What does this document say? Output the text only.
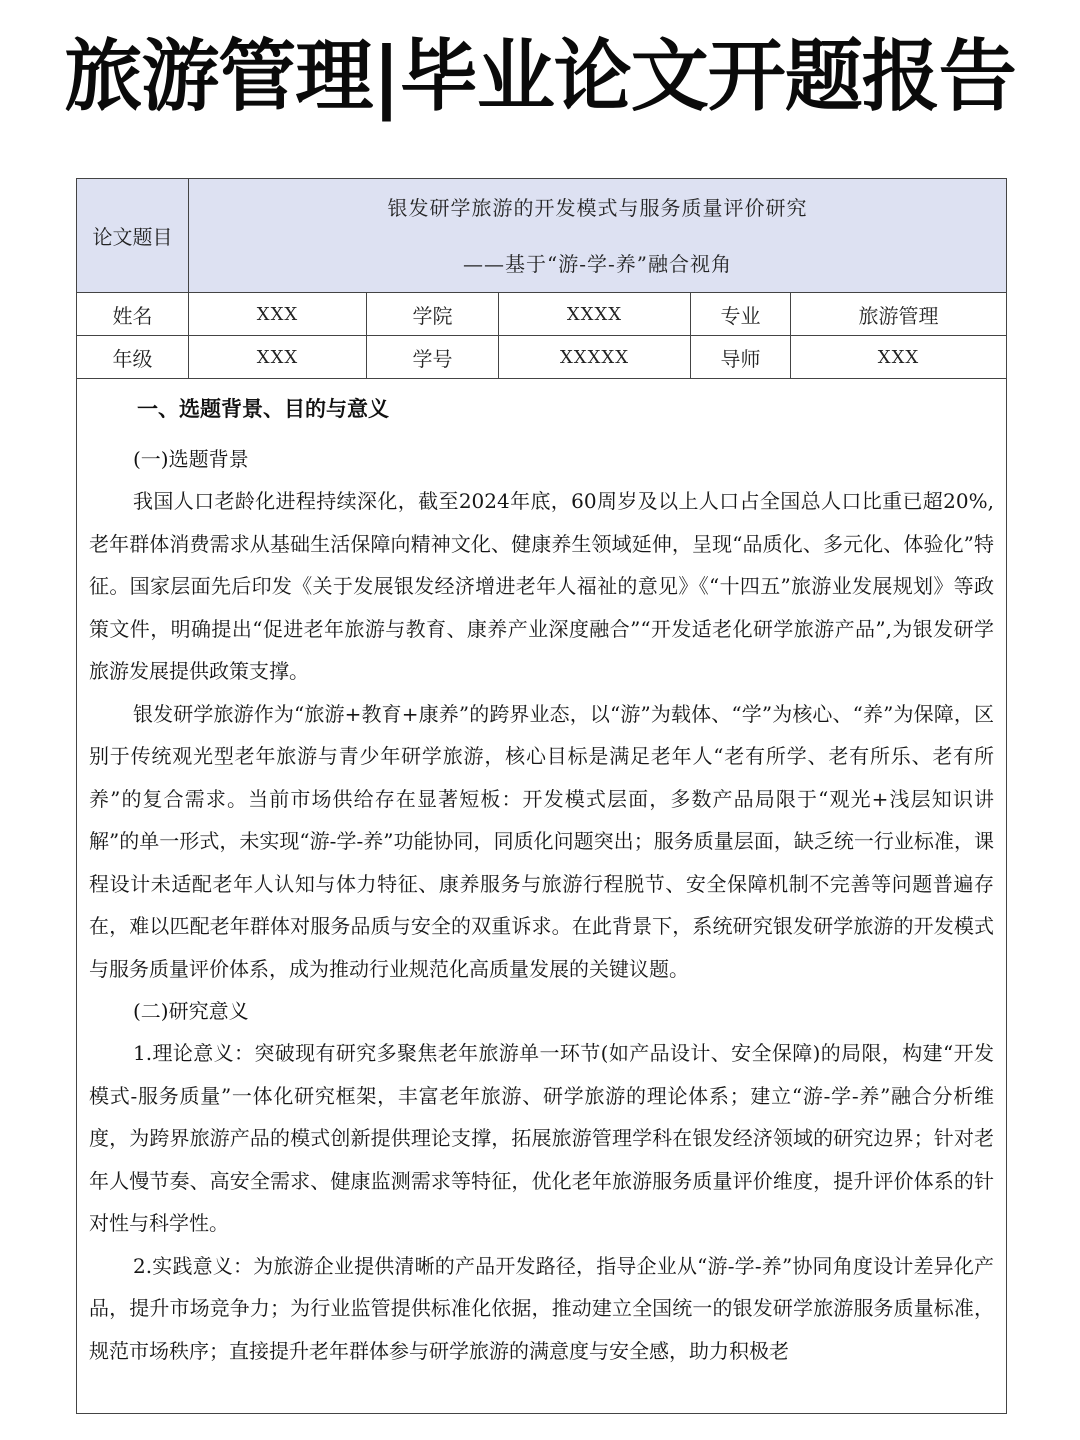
旅游管理|毕业论文开题报告
论文题目	银发研学旅游的开发模式与服务质量评价研究
——基于“游-学-养”融合视角				

姓名	XXX	学院	XXXX	专业	旅游管理
年级	XXX	学号	XXXXX	导师	XXX
一、选题背景、目的与意义
(一)选题背景

我国人口老龄化进程持续深化，截至2024年底，60周岁及以上人口占全国总人口比重已超20%,老年群体消费需求从基础生活保障向精神文化、健康养生领域延伸，呈现“品质化、多元化、体验化”特征。国家层面先后印发《关于发展银发经济增进老年人福祉的意见》《“十四五”旅游业发展规划》等政策文件，明确提出“促进老年旅游与教育、康养产业深度融合”“开发适老化研学旅游产品”,为银发研学旅游发展提供政策支撑。

银发研学旅游作为“旅游+教育+康养”的跨界业态，以“游”为载体、“学”为核心、“养”为保障，区别于传统观光型老年旅游与青少年研学旅游，核心目标是满足老年人“老有所学、老有所乐、老有所养”的复合需求。当前市场供给存在显著短板：开发模式层面，多数产品局限于“观光+浅层知识讲解”的单一形式，未实现“游-学-养”功能协同，同质化问题突出；服务质量层面，缺乏统一行业标准，课程设计未适配老年人认知与体力特征、康养服务与旅游行程脱节、安全保障机制不完善等问题普遍存在，难以匹配老年群体对服务品质与安全的双重诉求。在此背景下，系统研究银发研学旅游的开发模式与服务质量评价体系，成为推动行业规范化高质量发展的关键议题。

(二)研究意义

1.理论意义：突破现有研究多聚焦老年旅游单一环节(如产品设计、安全保障)的局限，构建“开发模式-服务质量”一体化研究框架，丰富老年旅游、研学旅游的理论体系；建立“游-学-养”融合分析维度，为跨界旅游产品的模式创新提供理论支撑，拓展旅游管理学科在银发经济领域的研究边界；针对老年人慢节奏、高安全需求、健康监测需求等特征，优化老年旅游服务质量评价维度，提升评价体系的针对性与科学性。

2.实践意义：为旅游企业提供清晰的产品开发路径，指导企业从“游-学-养”协同角度设计差异化产品，提升市场竞争力；为行业监管提供标准化依据，推动建立全国统一的银发研学旅游服务质量标准，规范市场秩序；直接提升老年群体参与研学旅游的满意度与安全感，助力积极老
